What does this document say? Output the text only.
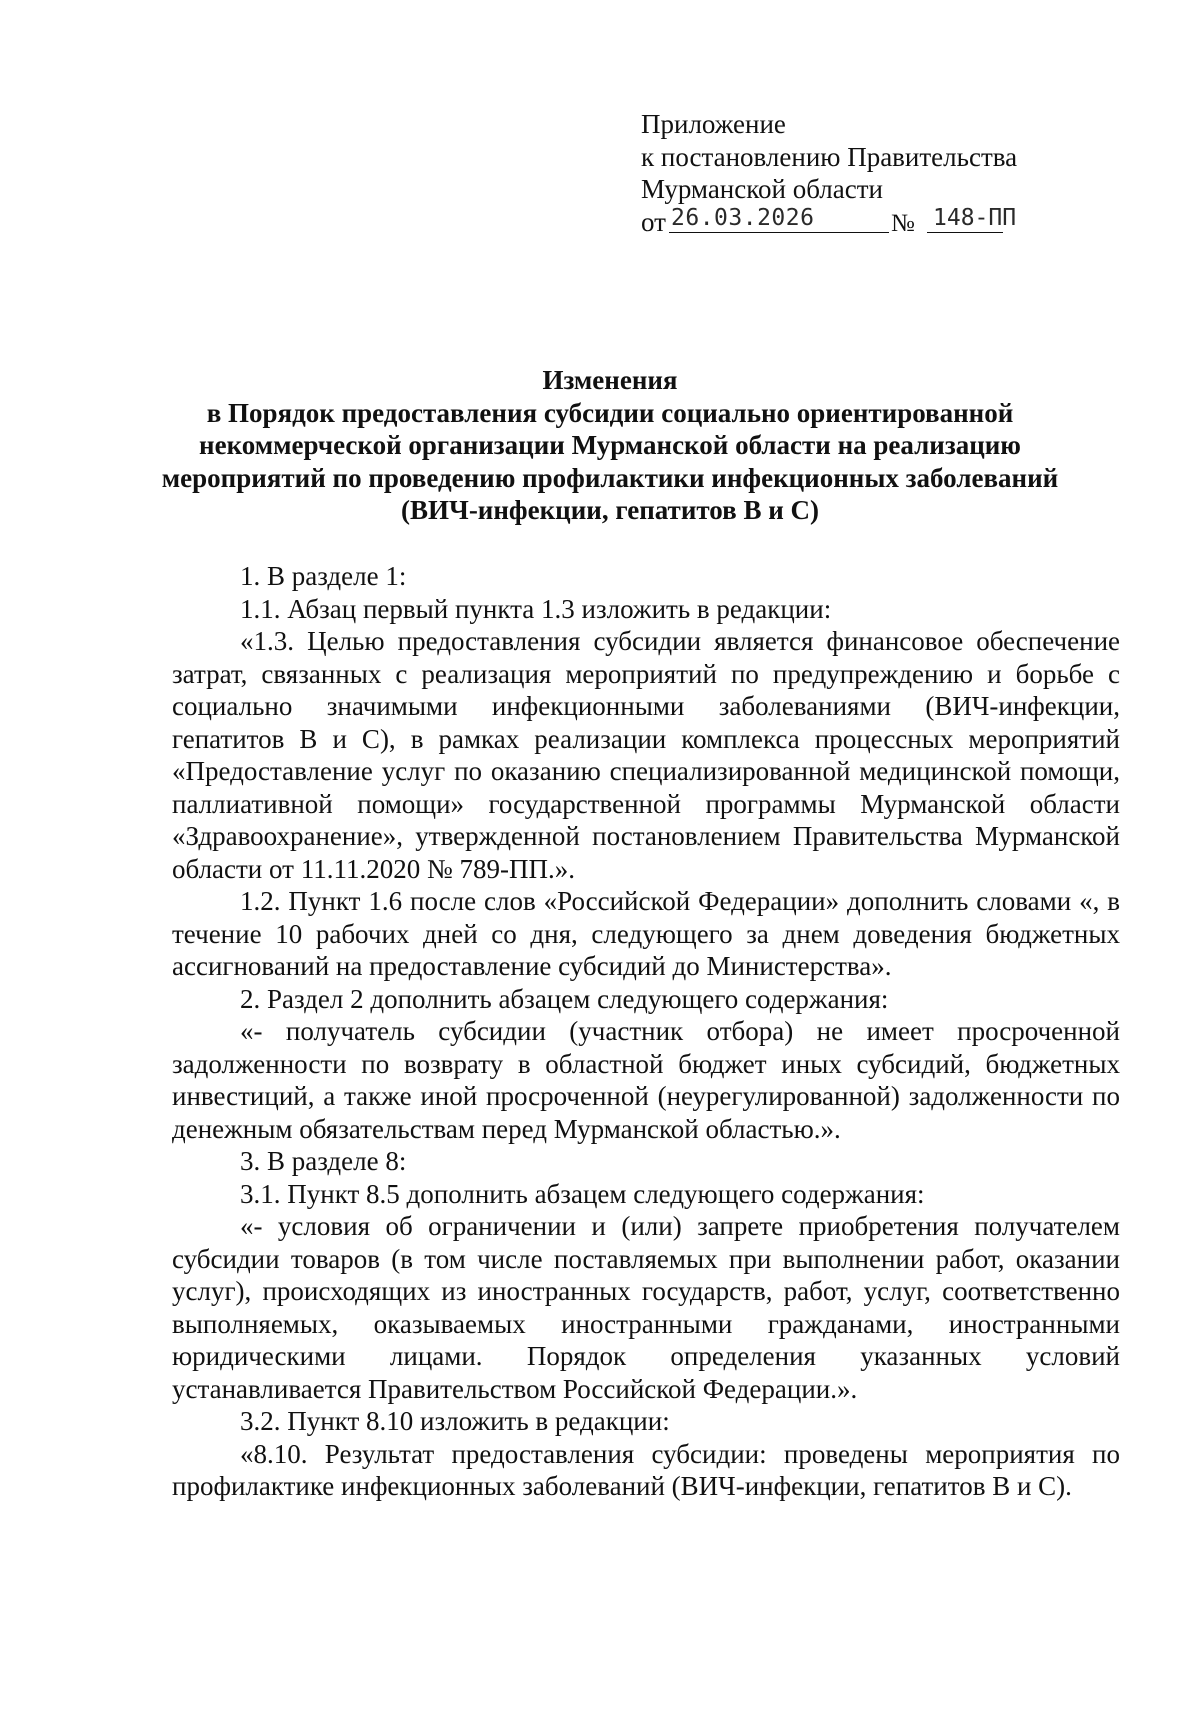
Приложение
к постановлению Правительства
Мурманской области
от 26.03.2026	№ 148-ПП
Изменения
в Порядок предоставления субсидии социально ориентированной
некоммерческой организации Мурманской области на реализацию
мероприятий по проведению профилактики инфекционных заболеваний
(ВИЧ-инфекции, гепатитов В и С)

1. В разделе 1:

1.1. Абзац первый пункта 1.3 изложить в редакции:

«1.3. Целью предоставления субсидии является финансовое обеспечение затрат, связанных с реализация мероприятий по предупреждению и борьбе с социально значимыми инфекционными заболеваниями (ВИЧ-инфекции, гепатитов В и С), в рамках реализации комплекса процессных мероприятий «Предоставление услуг по оказанию специализированной медицинской помощи, паллиативной помощи» государственной программы Мурманской области «Здравоохранение», утвержденной постановлением Правительства Мурманской области от 11.11.2020 № 789-ПП.».

1.2. Пункт 1.6 после слов «Российской Федерации» дополнить словами «, в течение 10 рабочих дней со дня, следующего за днем доведения бюджетных ассигнований на предоставление субсидий до Министерства».

2. Раздел 2 дополнить абзацем следующего содержания:

«- получатель субсидии (участник отбора) не имеет просроченной задолженности по возврату в областной бюджет иных субсидий, бюджетных инвестиций, а также иной просроченной (неурегулированной) задолженности по денежным обязательствам перед Мурманской областью.».

3. В разделе 8:

3.1. Пункт 8.5 дополнить абзацем следующего содержания:

«- условия об ограничении и (или) запрете приобретения получателем субсидии товаров (в том числе поставляемых при выполнении работ, оказании услуг), происходящих из иностранных государств, работ, услуг, соответственно выполняемых, оказываемых иностранными гражданами, иностранными юридическими лицами. Порядок определения указанных условий устанавливается Правительством Российской Федерации.».

3.2. Пункт 8.10 изложить в редакции:

«8.10. Результат предоставления субсидии: проведены мероприятия по профилактике инфекционных заболеваний (ВИЧ-инфекции, гепатитов В и С).
